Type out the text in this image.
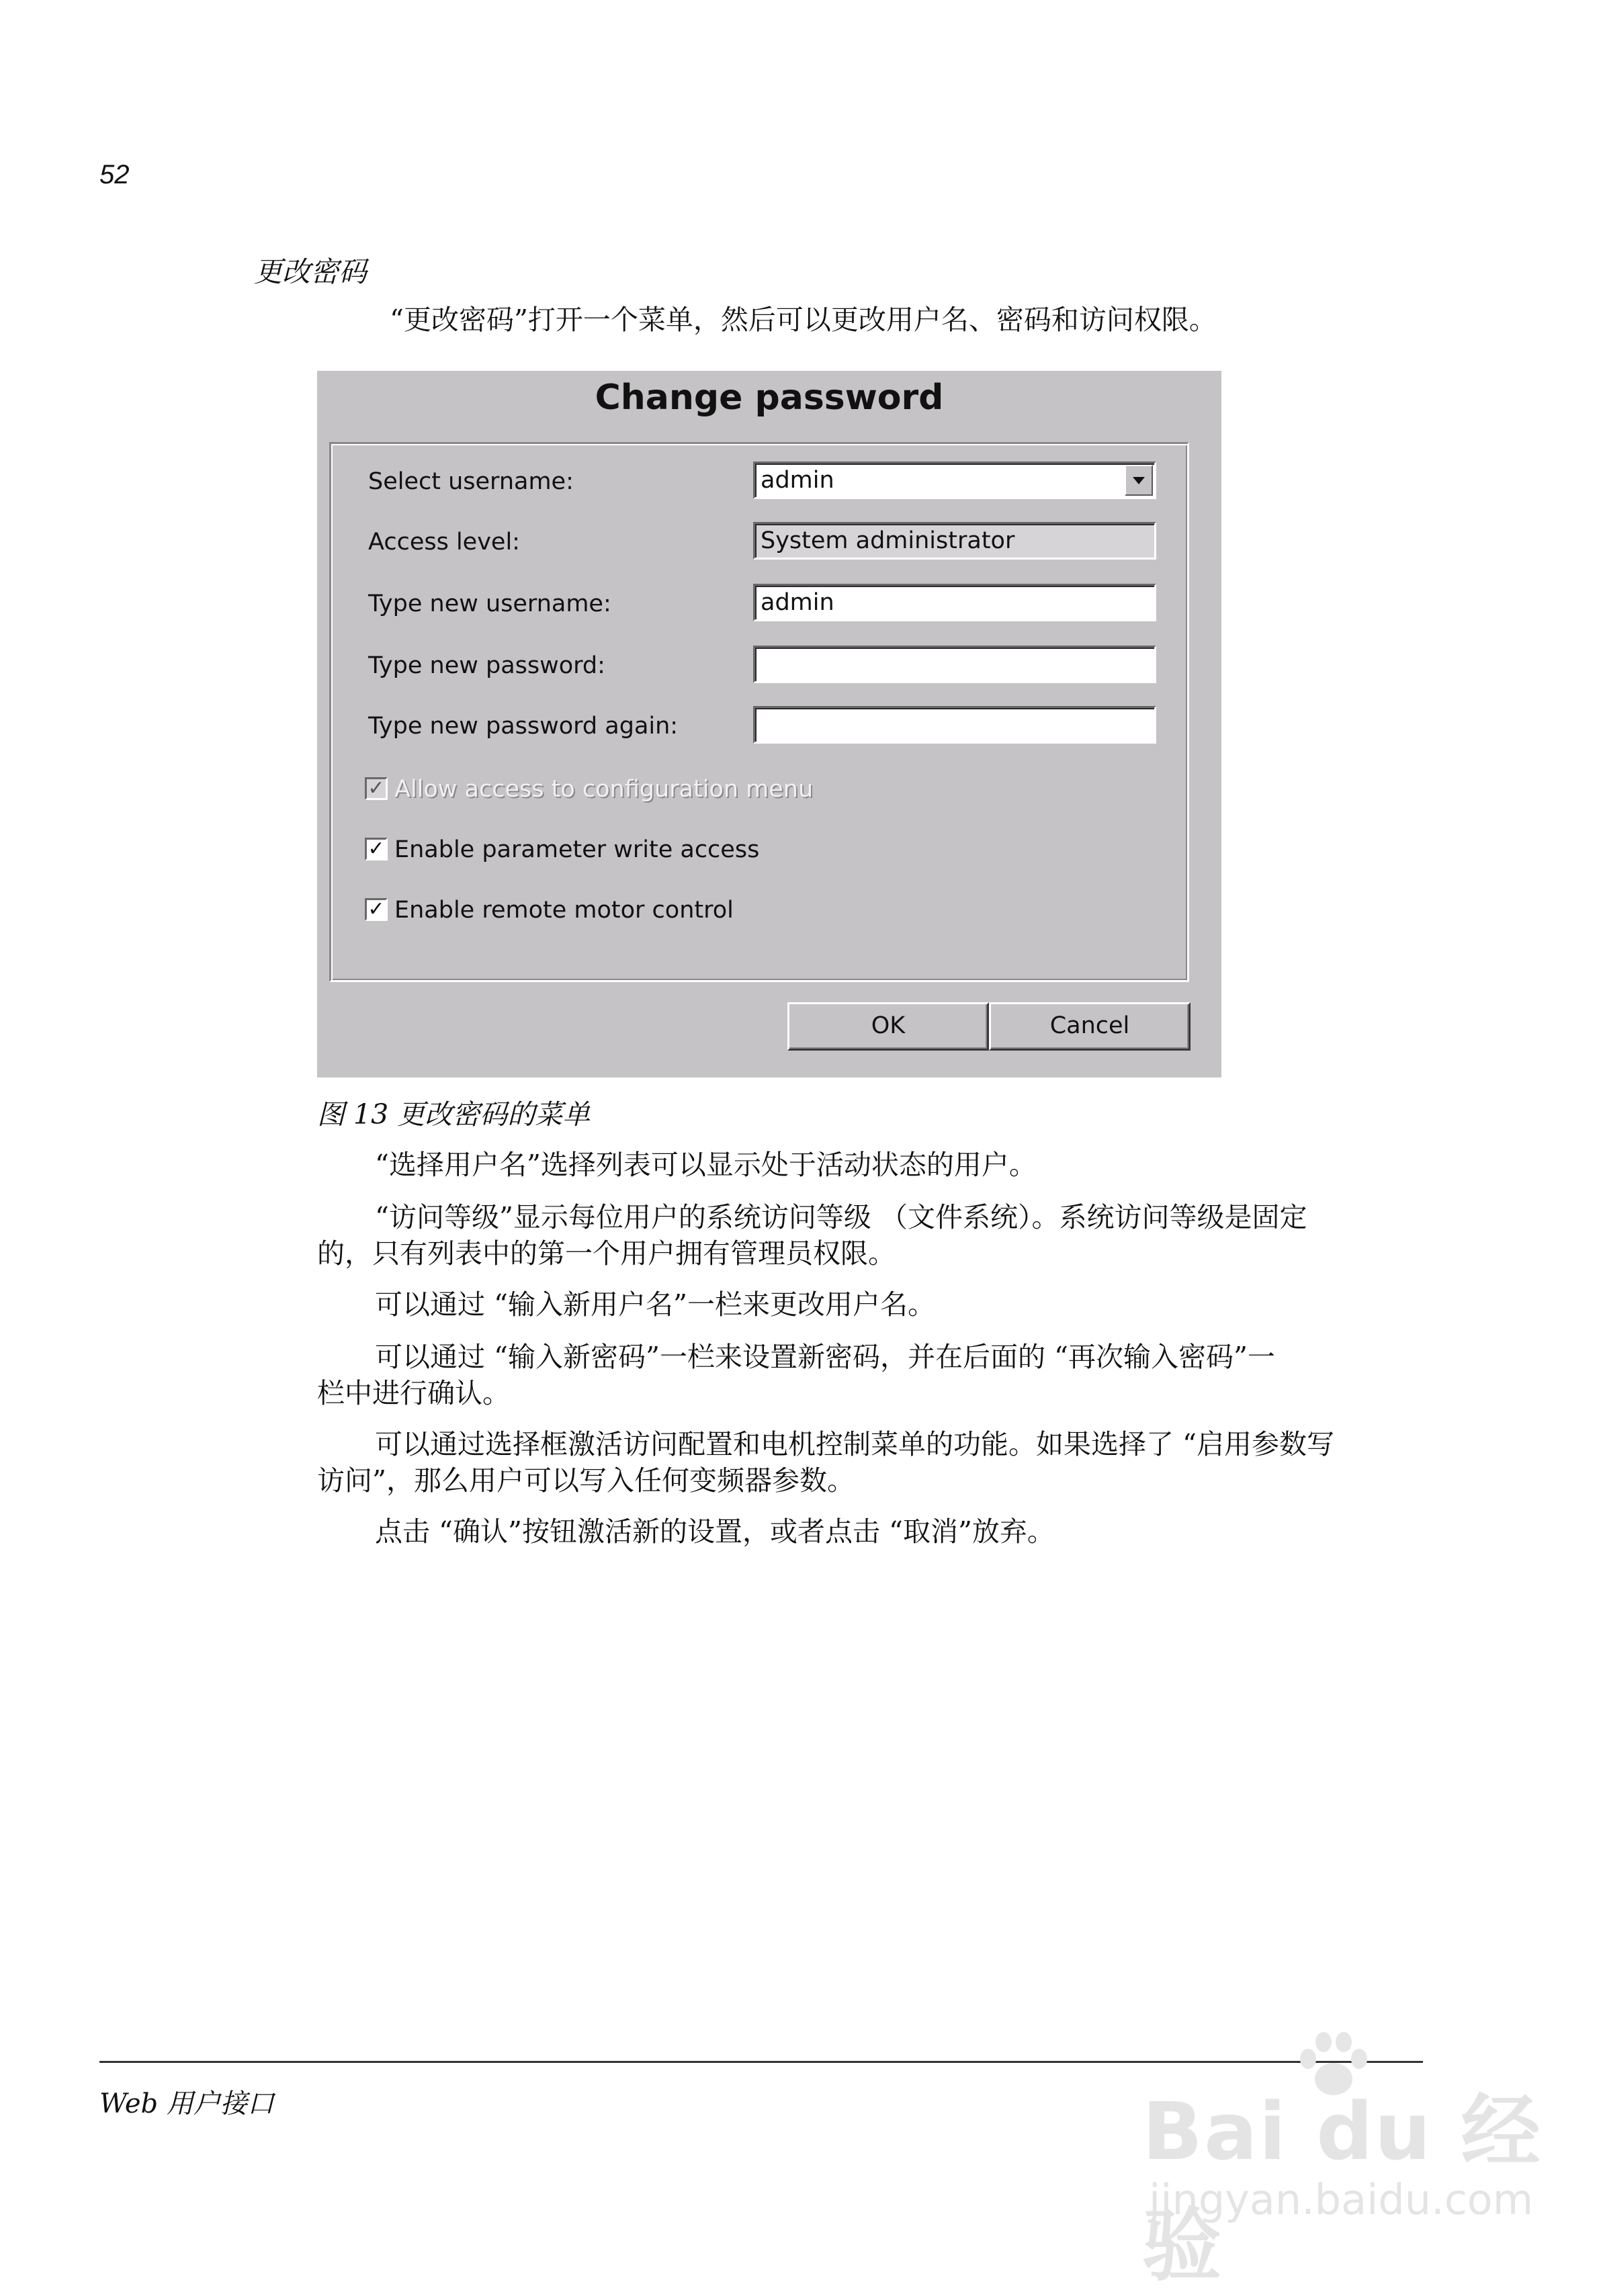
52
更改密码
“更改密码”打开一个菜单，然后可以更改用户名、密码和访问权限。
Change password
Select username:	admin
Access level:	System administrator
Type new username:	admin
Type new password:
Type new password again:
✓ Allow access to configuration menu
✓ Enable parameter write access
✓ Enable remote motor control
OK	Cancel
图 13 更改密码的菜单
“选择用户名”选择列表可以显示处于活动状态的用户。
“访问等级”显示每位用户的系统访问等级 （文件系统）。系统访问等级是固定
的，只有列表中的第一个用户拥有管理员权限。
可以通过 “输入新用户名”一栏来更改用户名。
可以通过 “输入新密码”一栏来设置新密码，并在后面的 “再次输入密码”一
栏中进行确认。
可以通过选择框激活访问配置和电机控制菜单的功能。如果选择了 “启用参数写
访问”，那么用户可以写入任何变频器参数。
点击 “确认”按钮激活新的设置，或者点击 “取消”放弃。
Web 用户接口	Bai du 经验
jingyan.baidu.com
